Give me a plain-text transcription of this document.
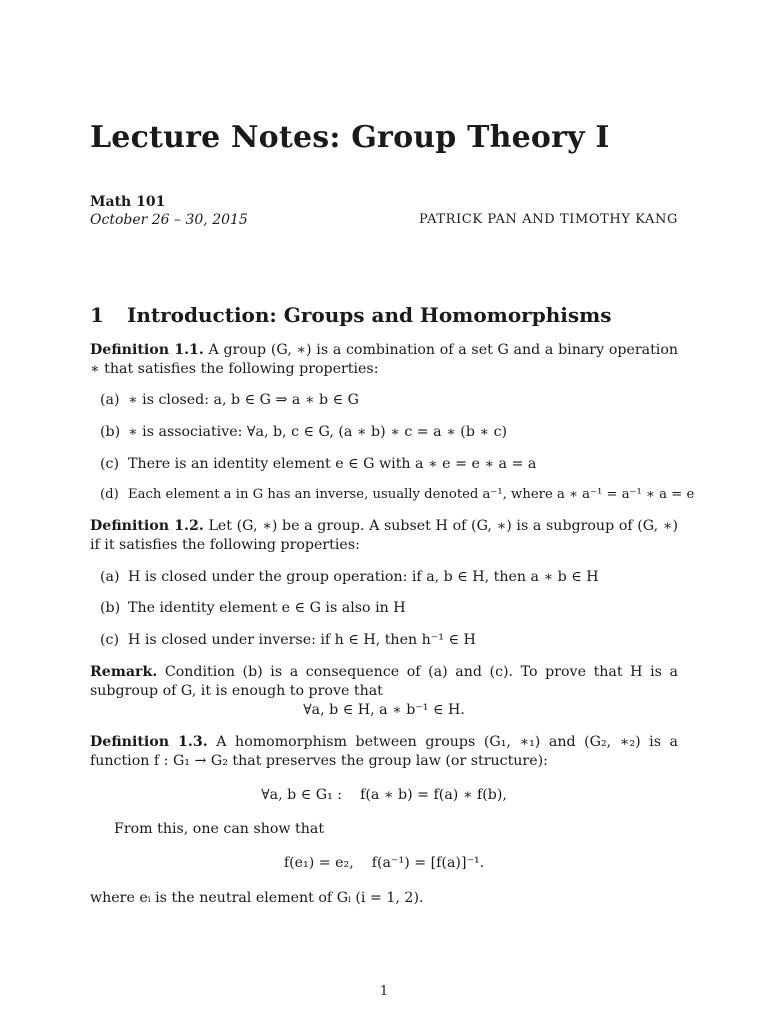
Lecture Notes: Group Theory I
Math 101
October 26 – 30, 2015	PATRICK PAN AND TIMOTHY KANG
1 Introduction: Groups and Homomorphisms
Definition 1.1. A group (G, ∗) is a combination of a set G and a binary operation ∗ that satisfies the following properties:
(a) ∗ is closed: a, b ∈ G ⇒ a ∗ b ∈ G
(b) ∗ is associative: ∀a, b, c ∈ G, (a ∗ b) ∗ c = a ∗ (b ∗ c)
(c) There is an identity element e ∈ G with a ∗ e = e ∗ a = a
(d) Each element a in G has an inverse, usually denoted a⁻¹, where a ∗ a⁻¹ = a⁻¹ ∗ a = e
Definition 1.2. Let (G, ∗) be a group. A subset H of (G, ∗) is a subgroup of (G, ∗) if it satisfies the following properties:
(a) H is closed under the group operation: if a, b ∈ H, then a ∗ b ∈ H
(b) The identity element e ∈ G is also in H
(c) H is closed under inverse: if h ∈ H, then h⁻¹ ∈ H
Remark. Condition (b) is a consequence of (a) and (c). To prove that H is a subgroup of G, it is enough to prove that
∀a, b ∈ H, a ∗ b⁻¹ ∈ H.
Definition 1.3. A homomorphism between groups (G₁, ∗₁) and (G₂, ∗₂) is a function f : G₁ → G₂ that preserves the group law (or structure):
∀a, b ∈ G₁ :    f(a ∗ b) = f(a) ∗ f(b),
From this, one can show that
f(e₁) = e₂,    f(a⁻¹) = [f(a)]⁻¹.
where eᵢ is the neutral element of Gᵢ (i = 1, 2).
1
